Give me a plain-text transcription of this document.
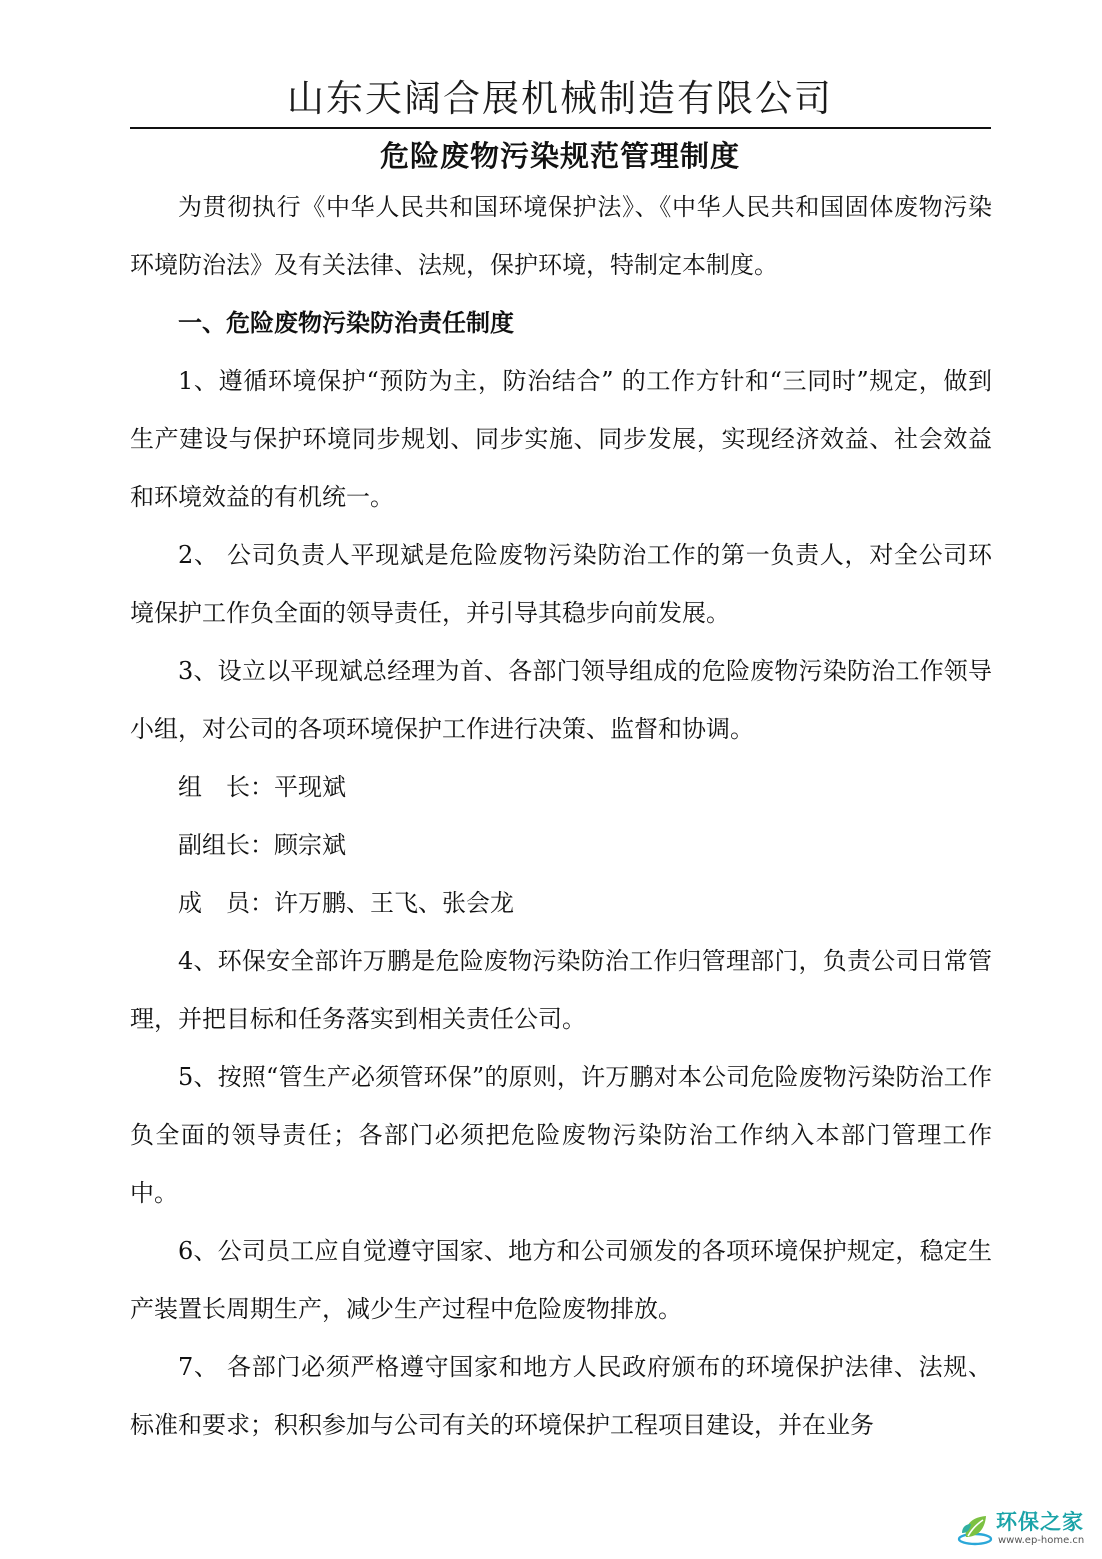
山东天阔合展机械制造有限公司
危险废物污染规范管理制度

为贯彻执行《中华人民共和国环境保护法》、《中华人民共和国固体废物污染环境防治法》及有关法律、法规，保护环境，特制定本制度。

一、危险废物污染防治责任制度

1、遵循环境保护“预防为主，防治结合” 的工作方针和“三同时”规定，做到生产建设与保护环境同步规划、同步实施、同步发展，实现经济效益、社会效益和环境效益的有机统一。

2、 公司负责人平现斌是危险废物污染防治工作的第一负责人，对全公司环境保护工作负全面的领导责任，并引导其稳步向前发展。

3、设立以平现斌总经理为首、各部门领导组成的危险废物污染防治工作领导小组，对公司的各项环境保护工作进行决策、监督和协调。

组　长：平现斌

副组长：顾宗斌

成　员：许万鹏、王飞、张会龙

4、环保安全部许万鹏是危险废物污染防治工作归管理部门，负责公司日常管理，并把目标和任务落实到相关责任公司。

5、按照“管生产必须管环保”的原则，许万鹏对本公司危险废物污染防治工作负全面的领导责任；各部门必须把危险废物污染防治工作纳入本部门管理工作中。

6、公司员工应自觉遵守国家、地方和公司颁发的各项环境保护规定，稳定生产装置长周期生产，减少生产过程中危险废物排放。

7、 各部门必须严格遵守国家和地方人民政府颁布的环境保护法律、法规、标准和要求；积积参加与公司有关的环境保护工程项目建设，并在业务

环保之家
www.ep-home.cn
